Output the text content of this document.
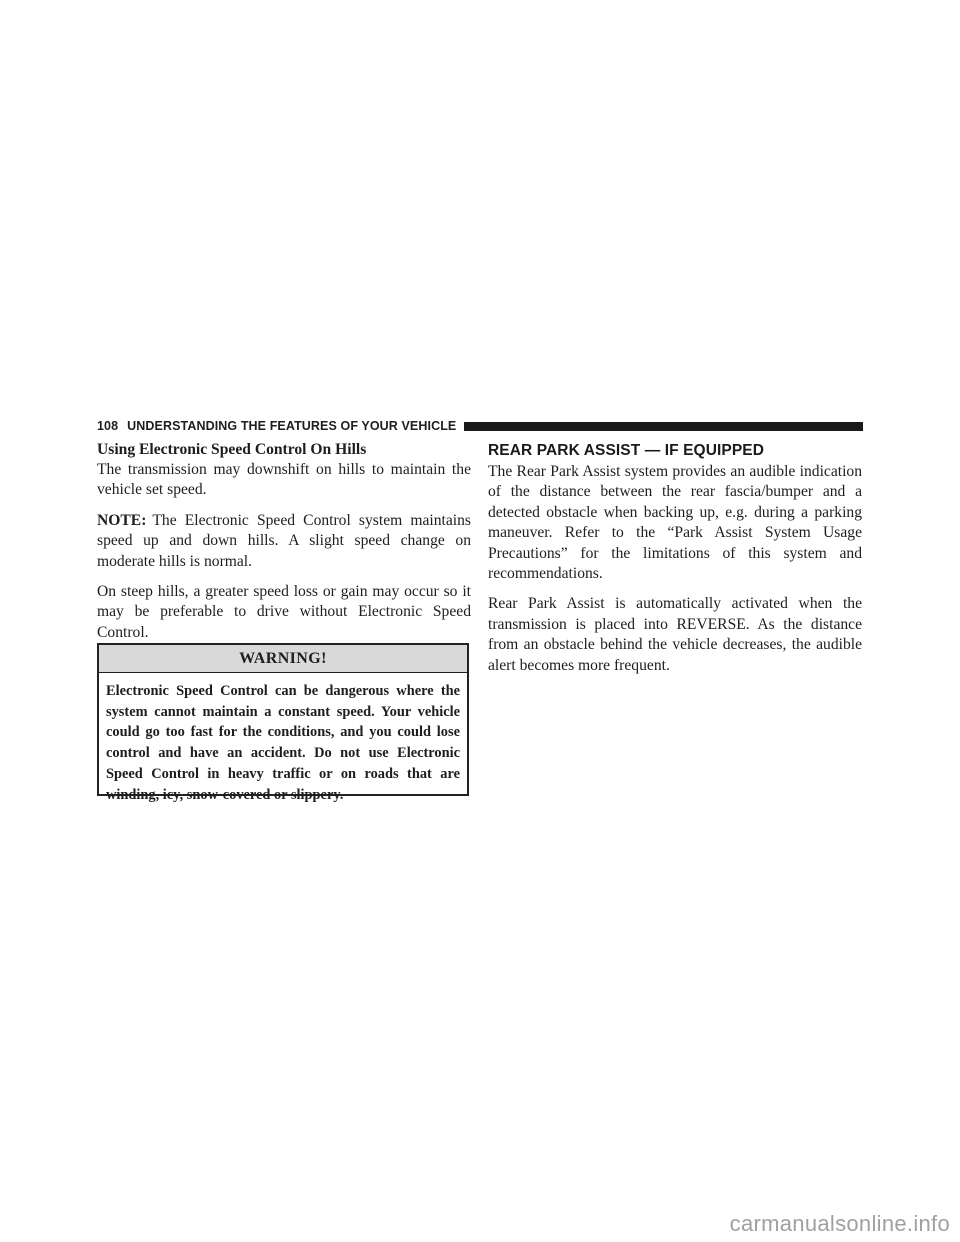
108 UNDERSTANDING THE FEATURES OF YOUR VEHICLE
Using Electronic Speed Control On Hills

The transmission may downshift on hills to maintain the vehicle set speed.

NOTE: The Electronic Speed Control system maintains speed up and down hills. A slight speed change on moderate hills is normal.

On steep hills, a greater speed loss or gain may occur so it may be preferable to drive without Electronic Speed Control.

WARNING!

Electronic Speed Control can be dangerous where the system cannot maintain a constant speed. Your vehicle could go too fast for the conditions, and you could lose control and have an accident. Do not use Electronic Speed Control in heavy traffic or on roads that are winding, icy, snow-covered or slippery.

REAR PARK ASSIST — IF EQUIPPED

The Rear Park Assist system provides an audible indication of the distance between the rear fascia/bumper and a detected obstacle when backing up, e.g. during a parking maneuver. Refer to the “Park Assist System Usage Precautions” for the limitations of this system and recommendations.

Rear Park Assist is automatically activated when the transmission is placed into REVERSE. As the distance from an obstacle behind the vehicle decreases, the audible alert becomes more frequent.

carmanualsonline.info
